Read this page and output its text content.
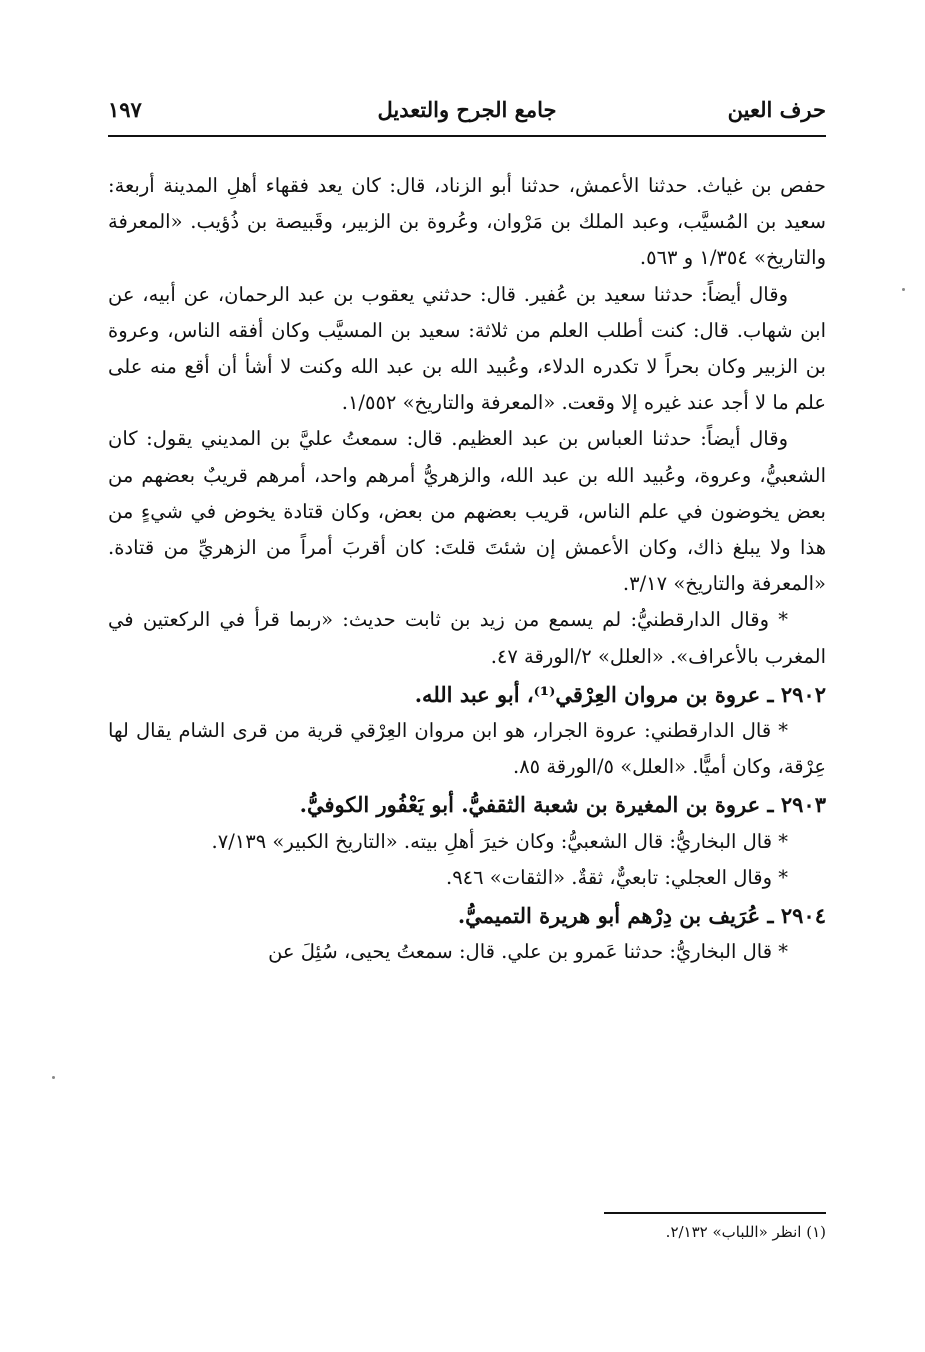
حرف العين
جامع الجرح والتعديل
١٩٧

حفص بن غياث. حدثنا الأعمش، حدثنا أبو الزناد، قال: كان يعد فقهاء أهلِ المدينة أربعة: سعيد بن المُسيَّب، وعبد الملك بن مَرْوان، وعُروة بن الزبير، وقَبيصة بن ذُؤيب. «المعرفة والتاريخ» ١/٣٥٤ و ٥٦٣.

وقال أيضاً: حدثنا سعيد بن عُفير. قال: حدثني يعقوب بن عبد الرحمان، عن أبيه، عن ابن شهاب. قال: كنت أطلب العلم من ثلاثة: سعيد بن المسيَّب وكان أفقه الناس، وعروة بن الزبير وكان بحراً لا تكدره الدلاء، وعُبيد الله بن عبد الله وكنت لا أشأ أن أقع منه على علم ما لا أجد عند غيره إلا وقعت. «المعرفة والتاريخ» ١/٥٥٢.

وقال أيضاً: حدثنا العباس بن عبد العظيم. قال: سمعتُ عليَّ بن المديني يقول: كان الشعبيُّ، وعروة، وعُبيد الله بن عبد الله، والزهريُّ أمرهم واحد، أمرهم قريبٌ بعضهم من بعض يخوضون في علم الناس، قريب بعضهم من بعض، وكان قتادة يخوض في شيءٍ من هذا ولا يبلغ ذاك، وكان الأعمش إن شئتَ قلتَ: كان أقربَ أمراً من الزهريِّ من قتادة. «المعرفة والتاريخ» ٣/١٧.

* وقال الدارقطنيُّ: لم يسمع من زيد بن ثابت حديث: «ربما قرأ في الركعتين في المغرب بالأعراف». «العلل» ٢/الورقة ٤٧.

٢٩٠٢ ـ عروة بن مروان العِرْقي⁽¹⁾، أبو عبد الله.

* قال الدارقطني: عروة الجرار، هو ابن مروان العِرْقي قرية من قرى الشام يقال لها عِرْقة، وكان أميًّا. «العلل» ٥/الورقة ٨٥.

٢٩٠٣ ـ عروة بن المغيرة بن شعبة الثقفيُّ. أبو يَعْفُور الكوفيُّ.

* قال البخاريُّ: قال الشعبيُّ: وكان خيرَ أهلِ بيته. «التاريخ الكبير» ٧/١٣٩.

* وقال العجلي: تابعيٌّ، ثقةٌ. «الثقات» ٩٤٦.

٢٩٠٤ ـ عُرَيف بن دِرْهم أبو هريرة التميميُّ.

* قال البخاريُّ: حدثنا عَمرو بن علي. قال: سمعتُ يحيى، سُئِلَ عن

(١) انظر «اللباب» ٢/١٣٢.
